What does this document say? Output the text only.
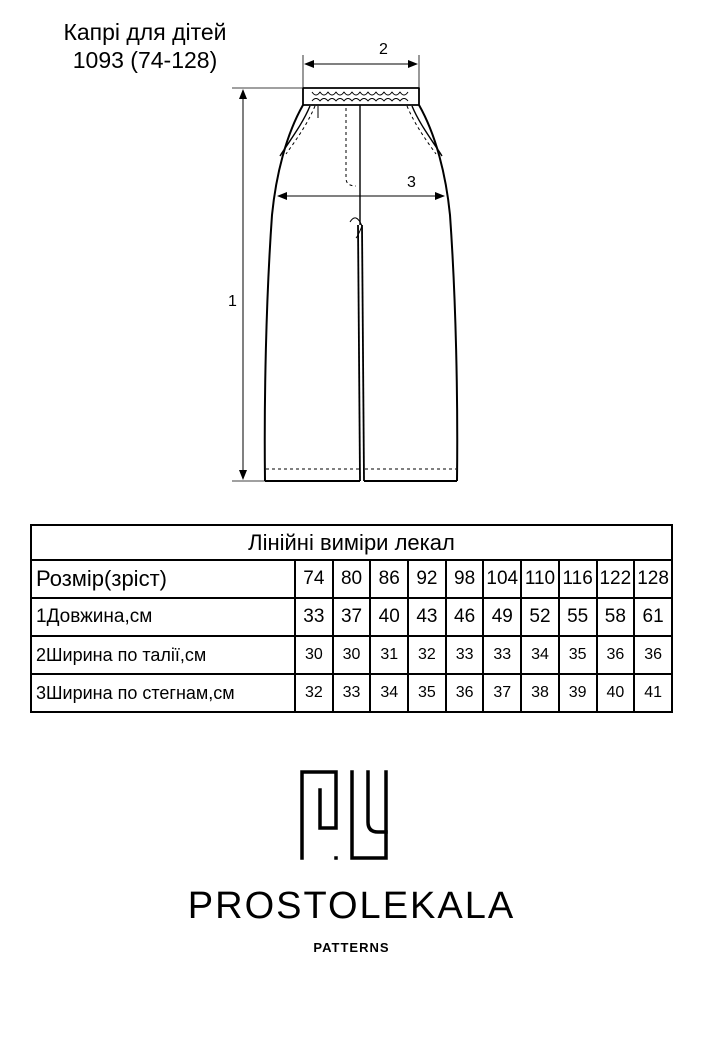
Капрі для дітей
1093 (74-128)
1
2
3
Лінійні виміри лекал										
Розмір(зріст)	74	80	86	92	98	104	110	116	122	128
1Довжина,см	33	37	40	43	46	49	52	55	58	61
2Ширина по талії,см	30	30	31	32	33	33	34	35	36	36
3Ширина по стегнам,см	32	33	34	35	36	37	38	39	40	41
PROSTOLEKALA
PATTERNS
